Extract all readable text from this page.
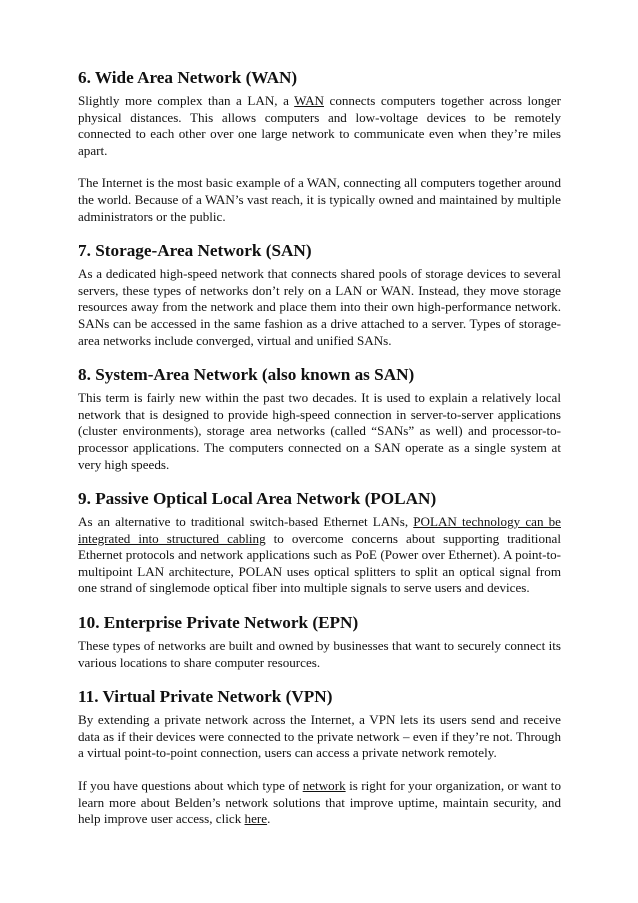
6. Wide Area Network (WAN)

Slightly more complex than a LAN, a WAN connects computers together across longer physical distances. This allows computers and low-voltage devices to be remotely connected to each other over one large network to communicate even when they’re miles apart.

The Internet is the most basic example of a WAN, connecting all computers together around the world. Because of a WAN’s vast reach, it is typically owned and maintained by multiple administrators or the public.

7. Storage-Area Network (SAN)

As a dedicated high-speed network that connects shared pools of storage devices to several servers, these types of networks don’t rely on a LAN or WAN. Instead, they move storage resources away from the network and place them into their own high-performance network. SANs can be accessed in the same fashion as a drive attached to a server. Types of storage-area networks include converged, virtual and unified SANs.

8. System-Area Network (also known as SAN)

This term is fairly new within the past two decades. It is used to explain a relatively local network that is designed to provide high-speed connection in server-to-server applications (cluster environments), storage area networks (called “SANs” as well) and processor-to-processor applications. The computers connected on a SAN operate as a single system at very high speeds.

9. Passive Optical Local Area Network (POLAN)

As an alternative to traditional switch-based Ethernet LANs, POLAN technology can be integrated into structured cabling to overcome concerns about supporting traditional Ethernet protocols and network applications such as PoE (Power over Ethernet). A point-to-multipoint LAN architecture, POLAN uses optical splitters to split an optical signal from one strand of singlemode optical fiber into multiple signals to serve users and devices.

10. Enterprise Private Network (EPN)

These types of networks are built and owned by businesses that want to securely connect its various locations to share computer resources.

11. Virtual Private Network (VPN)

By extending a private network across the Internet, a VPN lets its users send and receive data as if their devices were connected to the private network – even if they’re not. Through a virtual point-to-point connection, users can access a private network remotely.

If you have questions about which type of network is right for your organization, or want to learn more about Belden’s network solutions that improve uptime, maintain security, and help improve user access, click here.
